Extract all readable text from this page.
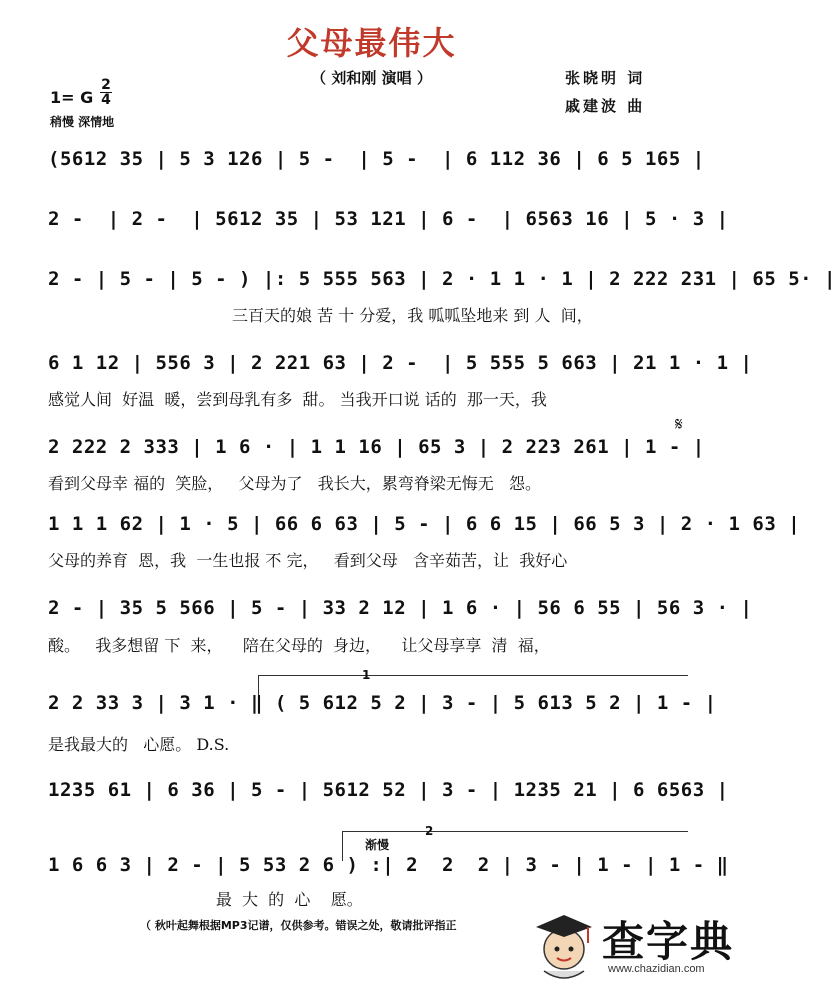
父母最伟大
（ 刘和刚 演唱 ）	张晓明 词
戚建波 曲
1= G
2
4
稍慢 深情地
(5612 35 | 5 3 126 | 5 -  | 5 -  | 6 112 36 | 6 5 165 |
2 -  | 2 -  | 5612 35 | 53 121 | 6 -  | 6563 16 | 5 · 3 |
2 - | 5 - | 5 - ) |: 5 555 563 | 2 · 1 1 · 1 | 2 222 231 | 65 5· |
三百天的娘 苦 十 分爱，我 呱呱坠地来 到 人  间，
6 1 12 | 556 3 | 2 221 63 | 2 -  | 5 555 5 663 | 21 1 · 1 |
感觉人间  好温  暖，尝到母乳有多  甜。 当我开口说 话的  那一天，我
2 222 2 333 | 1 6 · | 1 1 16 | 65 3 | 2 223 261 | 1 - |
看到父母幸 福的  笑脸，   父母为了   我长大，累弯脊梁无悔无   怨。
𝄋
1 1 1 62 | 1 · 5 | 66 6 63 | 5 - | 6 6 15 | 66 5 3 | 2 · 1 63 |
父母的养育  恩，我  一生也报 不 完，   看到父母   含辛茹苦，让  我好心
2 - | 35 5 566 | 5 - | 33 2 12 | 1 6 · | 56 6 55 | 56 3 · |
酸。   我多想留 下  来，    陪在父母的  身边，    让父母享享  清  福，
1
2 2 33 3 | 3 1 · ‖ ( 5 612 5 2 | 3 - | 5 613 5 2 | 1 - |
是我最大的   心愿。 D.S.
1235 61 | 6 36 | 5 - | 5612 52 | 3 - | 1235 21 | 6 6563 |
2
渐慢
1 6 6 3 | 2 - | 5 53 2 6 ) :| 2  2  2 | 3 - | 1 - | 1 - ‖
最  大  的  心    愿。
（ 秋叶起舞根据MP3记谱，仅供参考。错误之处，敬请批评指正	查字典
www.chazidian.com
